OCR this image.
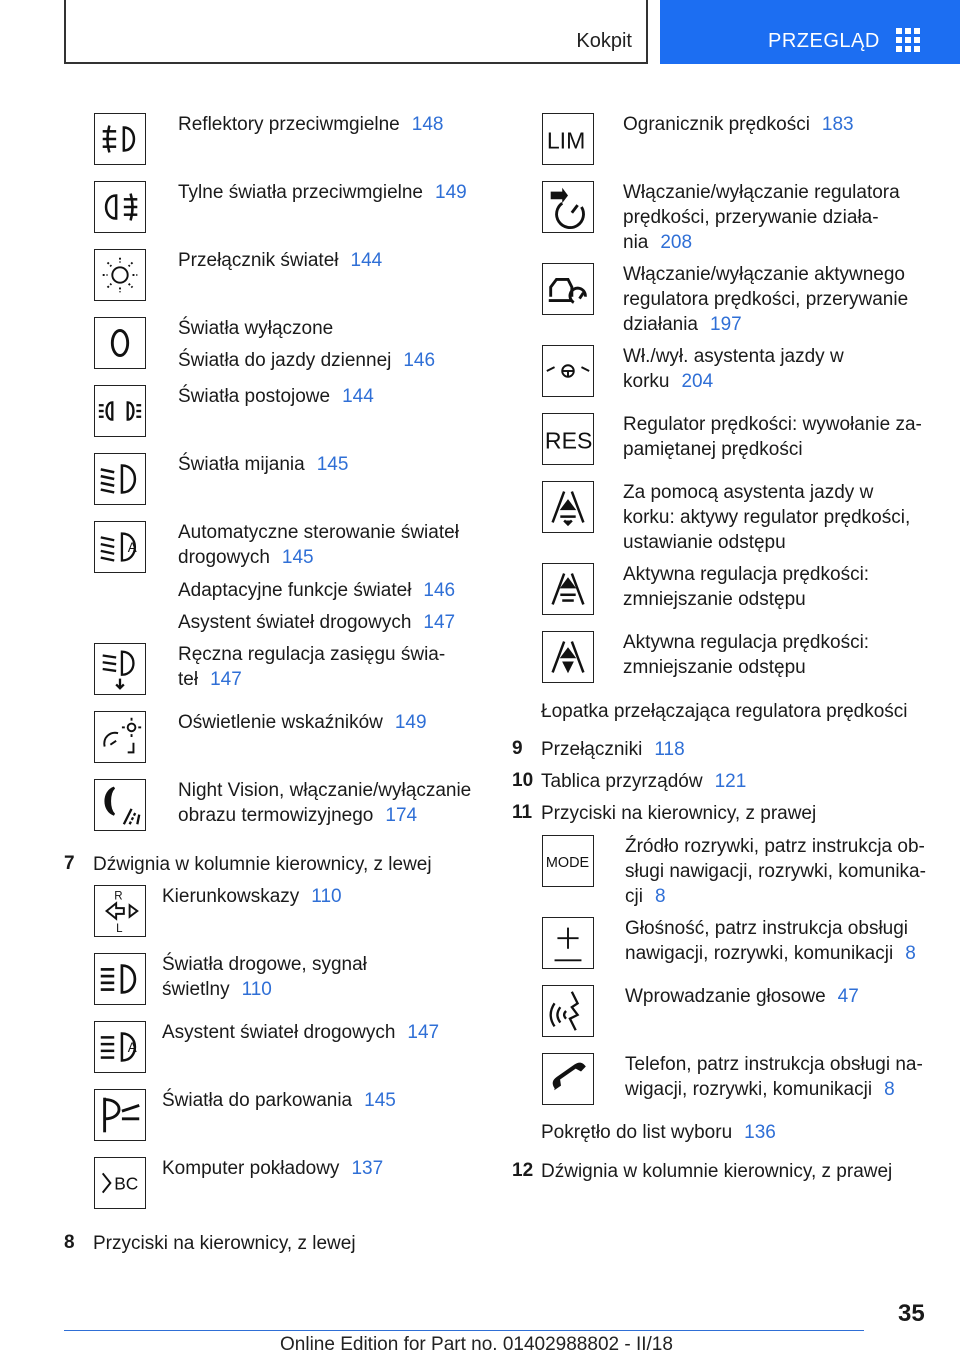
Kokpit	PRZEGLĄD
Reflektory przeciwmgielne 148
Tylne światła przeciwmgielne 149
Przełącznik świateł 144
Światła wyłączone
Światła do jazdy dziennej 146
Światła postojowe 144
Światła mijania 145
A
Automatyczne sterowanie świateł
drogowych 145
Adaptacyjne funkcje świateł 146
Asystent świateł drogowych 147
Ręczna regulacja zasięgu świa-
teł 147
Oświetlenie wskaźników 149
Night Vision, włączanie/wyłączanie
obrazu termowizyjnego 174
7 Dźwignia w kolumnie kierownicy, z lewej
R
L
Kierunkowskazy 110
Światła drogowe, sygnał
świetlny 110
A
Asystent świateł drogowych 147
Światła do parkowania 145
BC
Komputer pokładowy 137
8 Przyciski na kierownicy, z lewej
LIM
Ogranicznik prędkości 183
Włączanie/wyłączanie regulatora
prędkości, przerywanie działa-
nia 208
Włączanie/wyłączanie aktywnego
regulatora prędkości, przerywanie
działania 197
Wł./wył. asystenta jazdy w
korku 204
RES
Regulator prędkości: wywołanie za-
pamiętanej prędkości
Za pomocą asystenta jazdy w
korku: aktywy regulator prędkości,
ustawianie odstępu
Aktywna regulacja prędkości:
zmniejszanie odstępu
Aktywna regulacja prędkości:
zmniejszanie odstępu
Łopatka przełączająca regulatora prędkości
9 Przełączniki 118
10 Tablica przyrządów 121
11 Przyciski na kierownicy, z prawej
MODE
Źródło rozrywki, patrz instrukcja ob-
sługi nawigacji, rozrywki, komunika-
cji 8
Głośność, patrz instrukcja obsługi
nawigacji, rozrywki, komunikacji 8
Wprowadzanie głosowe 47
Telefon, patrz instrukcja obsługi na-
wigacji, rozrywki, komunikacji 8
Pokrętło do list wyboru 136
12 Dźwignia w kolumnie kierownicy, z prawej
35
Online Edition for Part no. 01402988802 - II/18
